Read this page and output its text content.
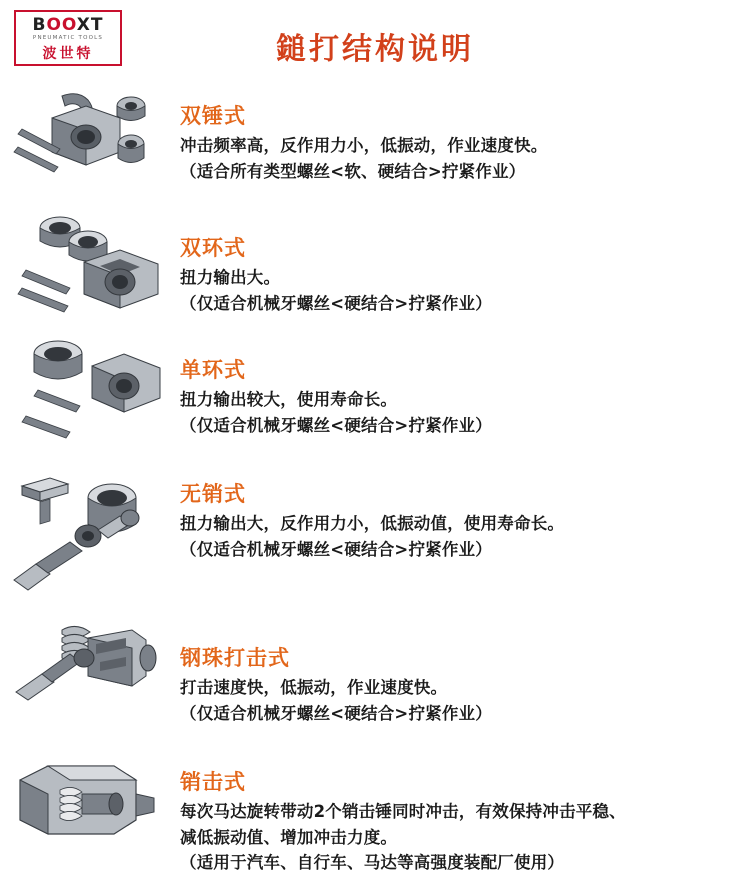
BOOXT
PNEUMATIC TOOLS
波世特	鎚打结构说明
双锤式
冲击频率高，反作用力小，低振动，作业速度快。
（适合所有类型螺丝<软、硬结合>拧紧作业）
双环式
扭力输出大。
（仅适合机械牙螺丝<硬结合>拧紧作业）
单环式
扭力输出较大，使用寿命长。
（仅适合机械牙螺丝<硬结合>拧紧作业）
无销式
扭力输出大，反作用力小，低振动值，使用寿命长。
（仅适合机械牙螺丝<硬结合>拧紧作业）
钢珠打击式
打击速度快，低振动，作业速度快。
（仅适合机械牙螺丝<硬结合>拧紧作业）
销击式
每次马达旋转带动2个销击锤同时冲击，有效保持冲击平稳、
减低振动值、增加冲击力度。
（适用于汽车、自行车、马达等高强度装配厂使用）
